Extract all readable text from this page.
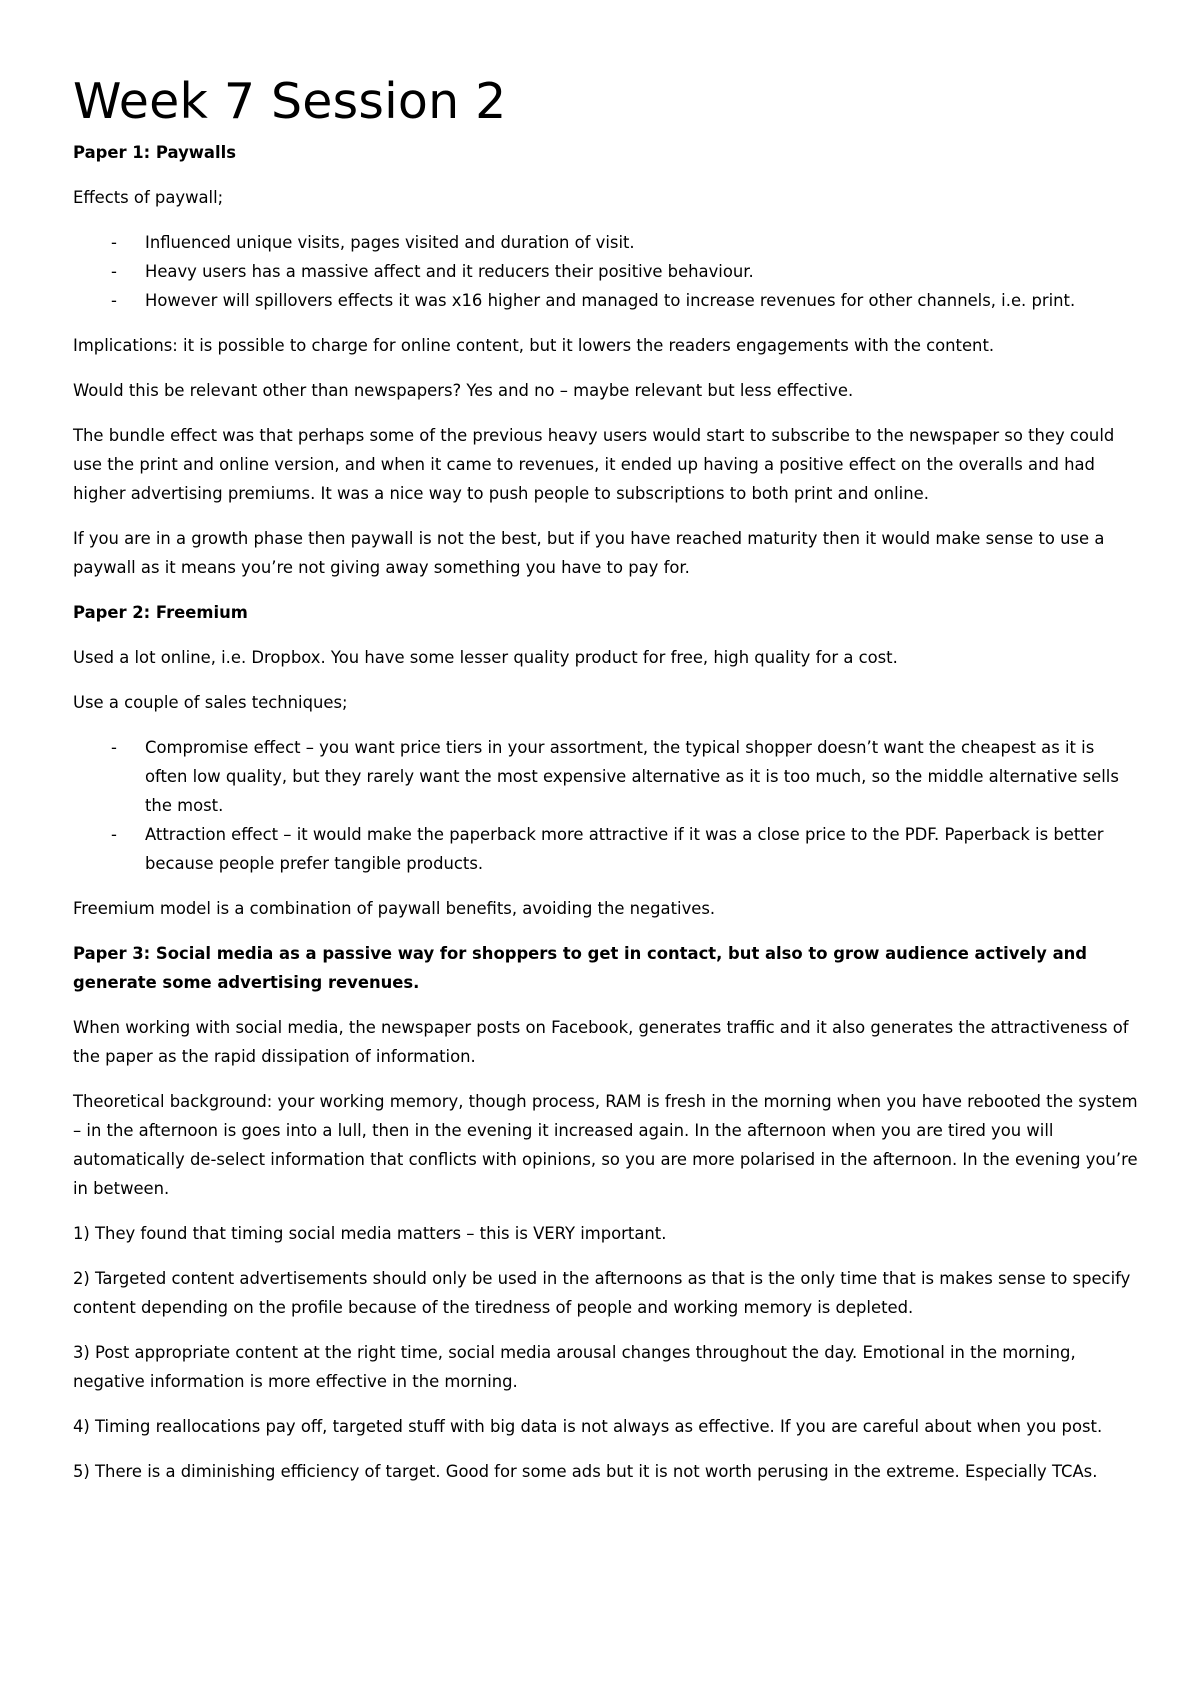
Week 7 Session 2

Paper 1: Paywalls

Effects of paywall;

- Influenced unique visits, pages visited and duration of visit.
- Heavy users has a massive affect and it reducers their positive behaviour.
- However will spillovers effects it was x16 higher and managed to increase revenues for other channels, i.e. print.

Implications: it is possible to charge for online content, but it lowers the readers engagements with the content.

Would this be relevant other than newspapers? Yes and no – maybe relevant but less effective.

The bundle effect was that perhaps some of the previous heavy users would start to subscribe to the newspaper so they could use the print and online version, and when it came to revenues, it ended up having a positive effect on the overalls and had higher advertising premiums. It was a nice way to push people to subscriptions to both print and online.

If you are in a growth phase then paywall is not the best, but if you have reached maturity then it would make sense to use a paywall as it means you’re not giving away something you have to pay for.

Paper 2: Freemium

Used a lot online, i.e. Dropbox. You have some lesser quality product for free, high quality for a cost.

Use a couple of sales techniques;

- Compromise effect – you want price tiers in your assortment, the typical shopper doesn’t want the cheapest as it is often low quality, but they rarely want the most expensive alternative as it is too much, so the middle alternative sells the most.
- Attraction effect – it would make the paperback more attractive if it was a close price to the PDF. Paperback is better because people prefer tangible products.

Freemium model is a combination of paywall benefits, avoiding the negatives.

Paper 3: Social media as a passive way for shoppers to get in contact, but also to grow audience actively and generate some advertising revenues.

When working with social media, the newspaper posts on Facebook, generates traffic and it also generates the attractiveness of the paper as the rapid dissipation of information.

Theoretical background: your working memory, though process, RAM is fresh in the morning when you have rebooted the system – in the afternoon is goes into a lull, then in the evening it increased again. In the afternoon when you are tired you will automatically de-select information that conflicts with opinions, so you are more polarised in the afternoon. In the evening you’re in between.

1) They found that timing social media matters – this is VERY important.

2) Targeted content advertisements should only be used in the afternoons as that is the only time that is makes sense to specify content depending on the profile because of the tiredness of people and working memory is depleted.

3) Post appropriate content at the right time, social media arousal changes throughout the day. Emotional in the morning, negative information is more effective in the morning.

4) Timing reallocations pay off, targeted stuff with big data is not always as effective. If you are careful about when you post.

5) There is a diminishing efficiency of target. Good for some ads but it is not worth perusing in the extreme. Especially TCAs.
